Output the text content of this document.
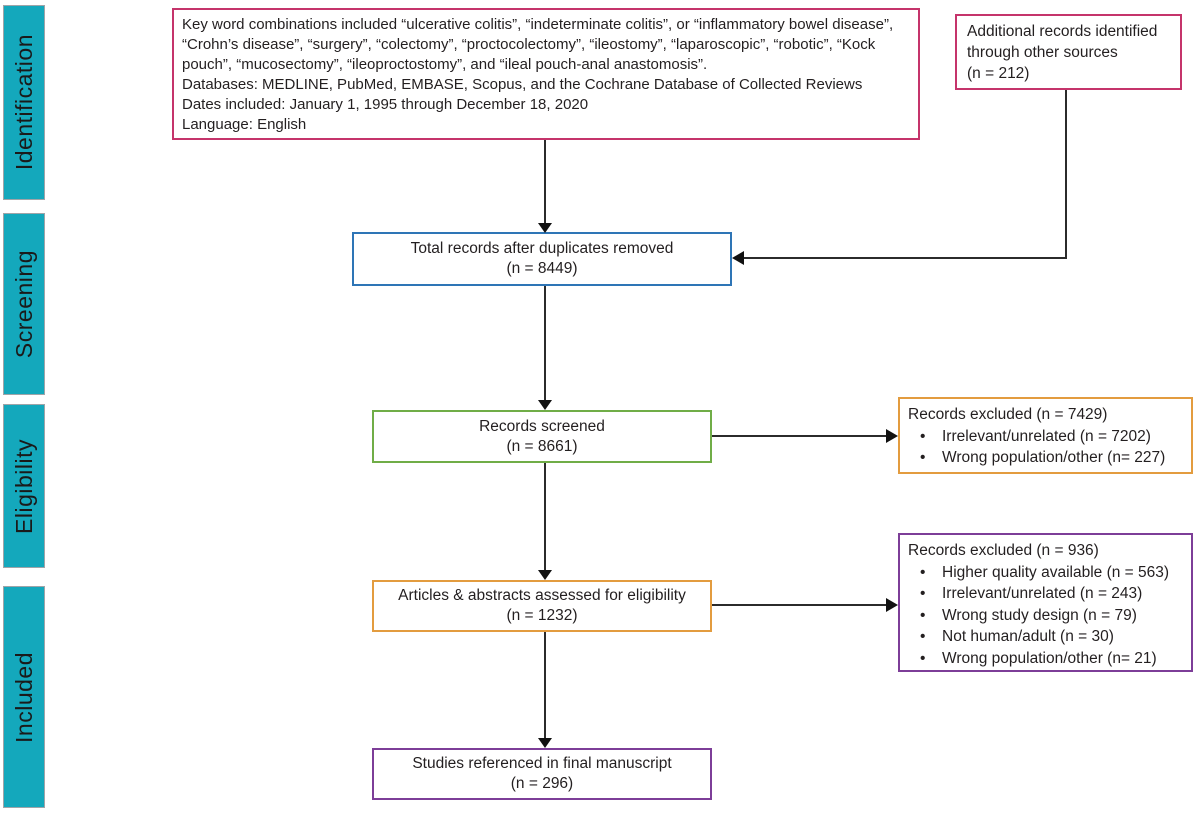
Identification
Screening
Eligibility
Included
Key word combinations included “ulcerative colitis”, “indeterminate colitis”, or “inflammatory bowel disease”, “Crohn’s disease”, “surgery”, “colectomy”, “proctocolectomy”, “ileostomy”, “laparoscopic”, “robotic”, “Kock pouch”, “mucosectomy”, “ileoproctostomy”, and “ileal pouch-anal anastomosis”.
Databases: MEDLINE, PubMed, EMBASE, Scopus, and the Cochrane Database of Collected Reviews
Dates included: January 1, 1995 through December 18, 2020
Language: English
Additional records identified through other sources
(n = 212)
Total records after duplicates removed
(n = 8449)
Records screened
(n = 8661)
Records excluded (n = 7429)
•	Irrelevant/unrelated (n = 7202)
•	Wrong population/other (n= 227)
Articles & abstracts assessed for eligibility
(n = 1232)
Records excluded (n = 936)
•	Higher quality available (n = 563)
•	Irrelevant/unrelated (n = 243)
•	Wrong study design (n = 79)
•	Not human/adult (n = 30)
•	Wrong population/other (n= 21)
Studies referenced in final manuscript
(n = 296)
